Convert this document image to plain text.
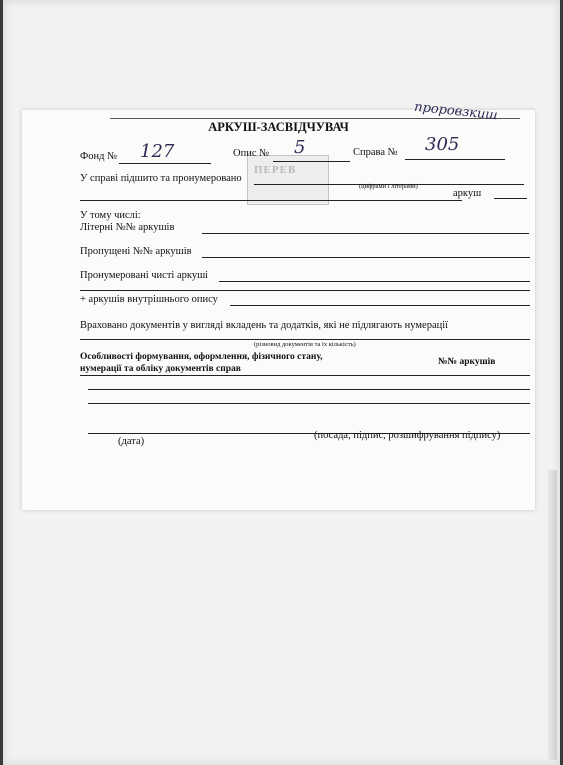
ПЕРЕВ
АРКУШ-ЗАСВІДЧУВАЧ
проровзкиш
Фонд № 127	Опис № 5	Справа № 305
У справі підшито та пронумеровано
(цифрами і літерами)
аркуш
У тому числі:
Літерні №№ аркушів
Пропущені №№ аркушів
Пронумеровані чисті аркуші
+ аркушів внутрішнього опису
Враховано документів у вигляді вкладень та додатків, які не підлягають нумерації
(різновид документів та їх кількість)
Особливості формування, оформлення, фізичного стану, нумерації та обліку документів справ
№№ аркушів
(дата)
(посада, підпис, розшифрування підпису)
